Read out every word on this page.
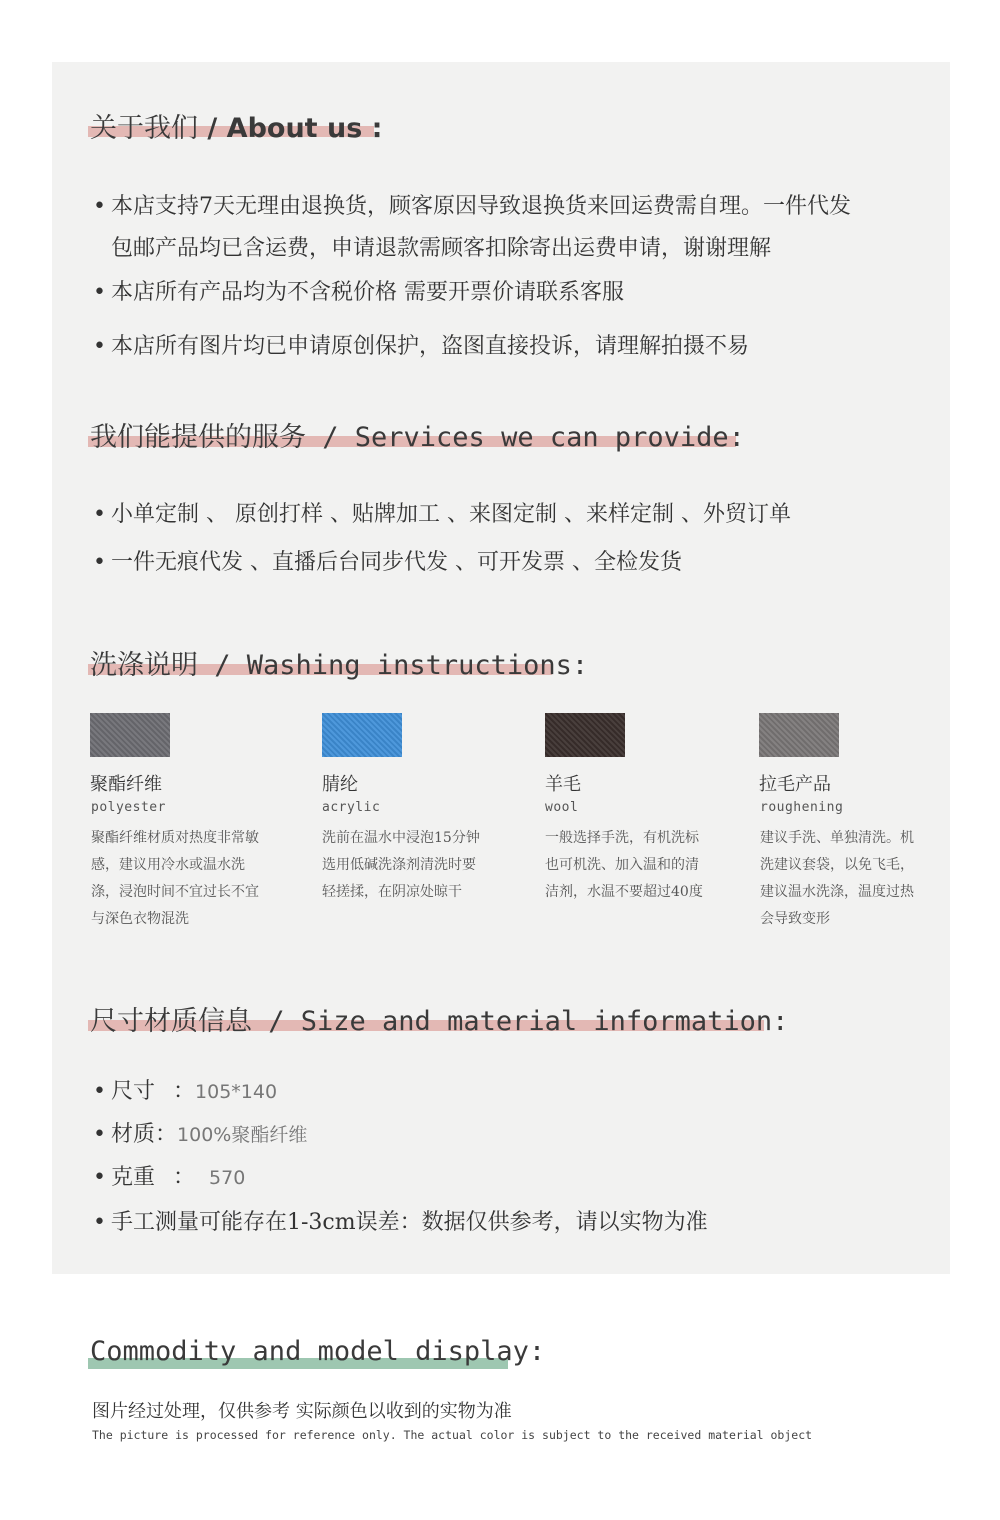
关于我们 / About us :
• 本店支持7天无理由退换货，顾客原因导致退换货来回运费需自理。一件代发
包邮产品均已含运费，申请退款需顾客扣除寄出运费申请，谢谢理解
• 本店所有产品均为不含税价格 需要开票价请联系客服
• 本店所有图片均已申请原创保护，盗图直接投诉，请理解拍摄不易
我们能提供的服务 / Services we can provide:
• 小单定制 、 原创打样 、贴牌加工 、来图定制 、来样定制 、外贸订单
• 一件无痕代发 、直播后台同步代发 、可开发票 、全检发货
洗涤说明 / Washing instructions:
聚酯纤维
polyester
聚酯纤维材质对热度非常敏感，建议用冷水或温水洗涤，浸泡时间不宜过长不宜与深色衣物混洗
腈纶
acrylic
洗前在温水中浸泡15分钟选用低碱洗涤剂清洗时要轻搓揉，在阴凉处晾干
羊毛
wool
一般选择手洗，有机洗标也可机洗、加入温和的清洁剂，水温不要超过40度
拉毛产品
roughening
建议手洗、单独清洗。机洗建议套袋，以免飞毛，建议温水洗涤，温度过热会导致变形
尺寸材质信息 / Size and material information:
• 尺寸 ：105*140
• 材质：100%聚酯纤维
• 克重 ： 570
• 手工测量可能存在1-3cm误差：数据仅供参考，请以实物为准
Commodity and model display:
图片经过处理，仅供参考 实际颜色以收到的实物为准
The picture is processed for reference only. The actual color is subject to the received material object
